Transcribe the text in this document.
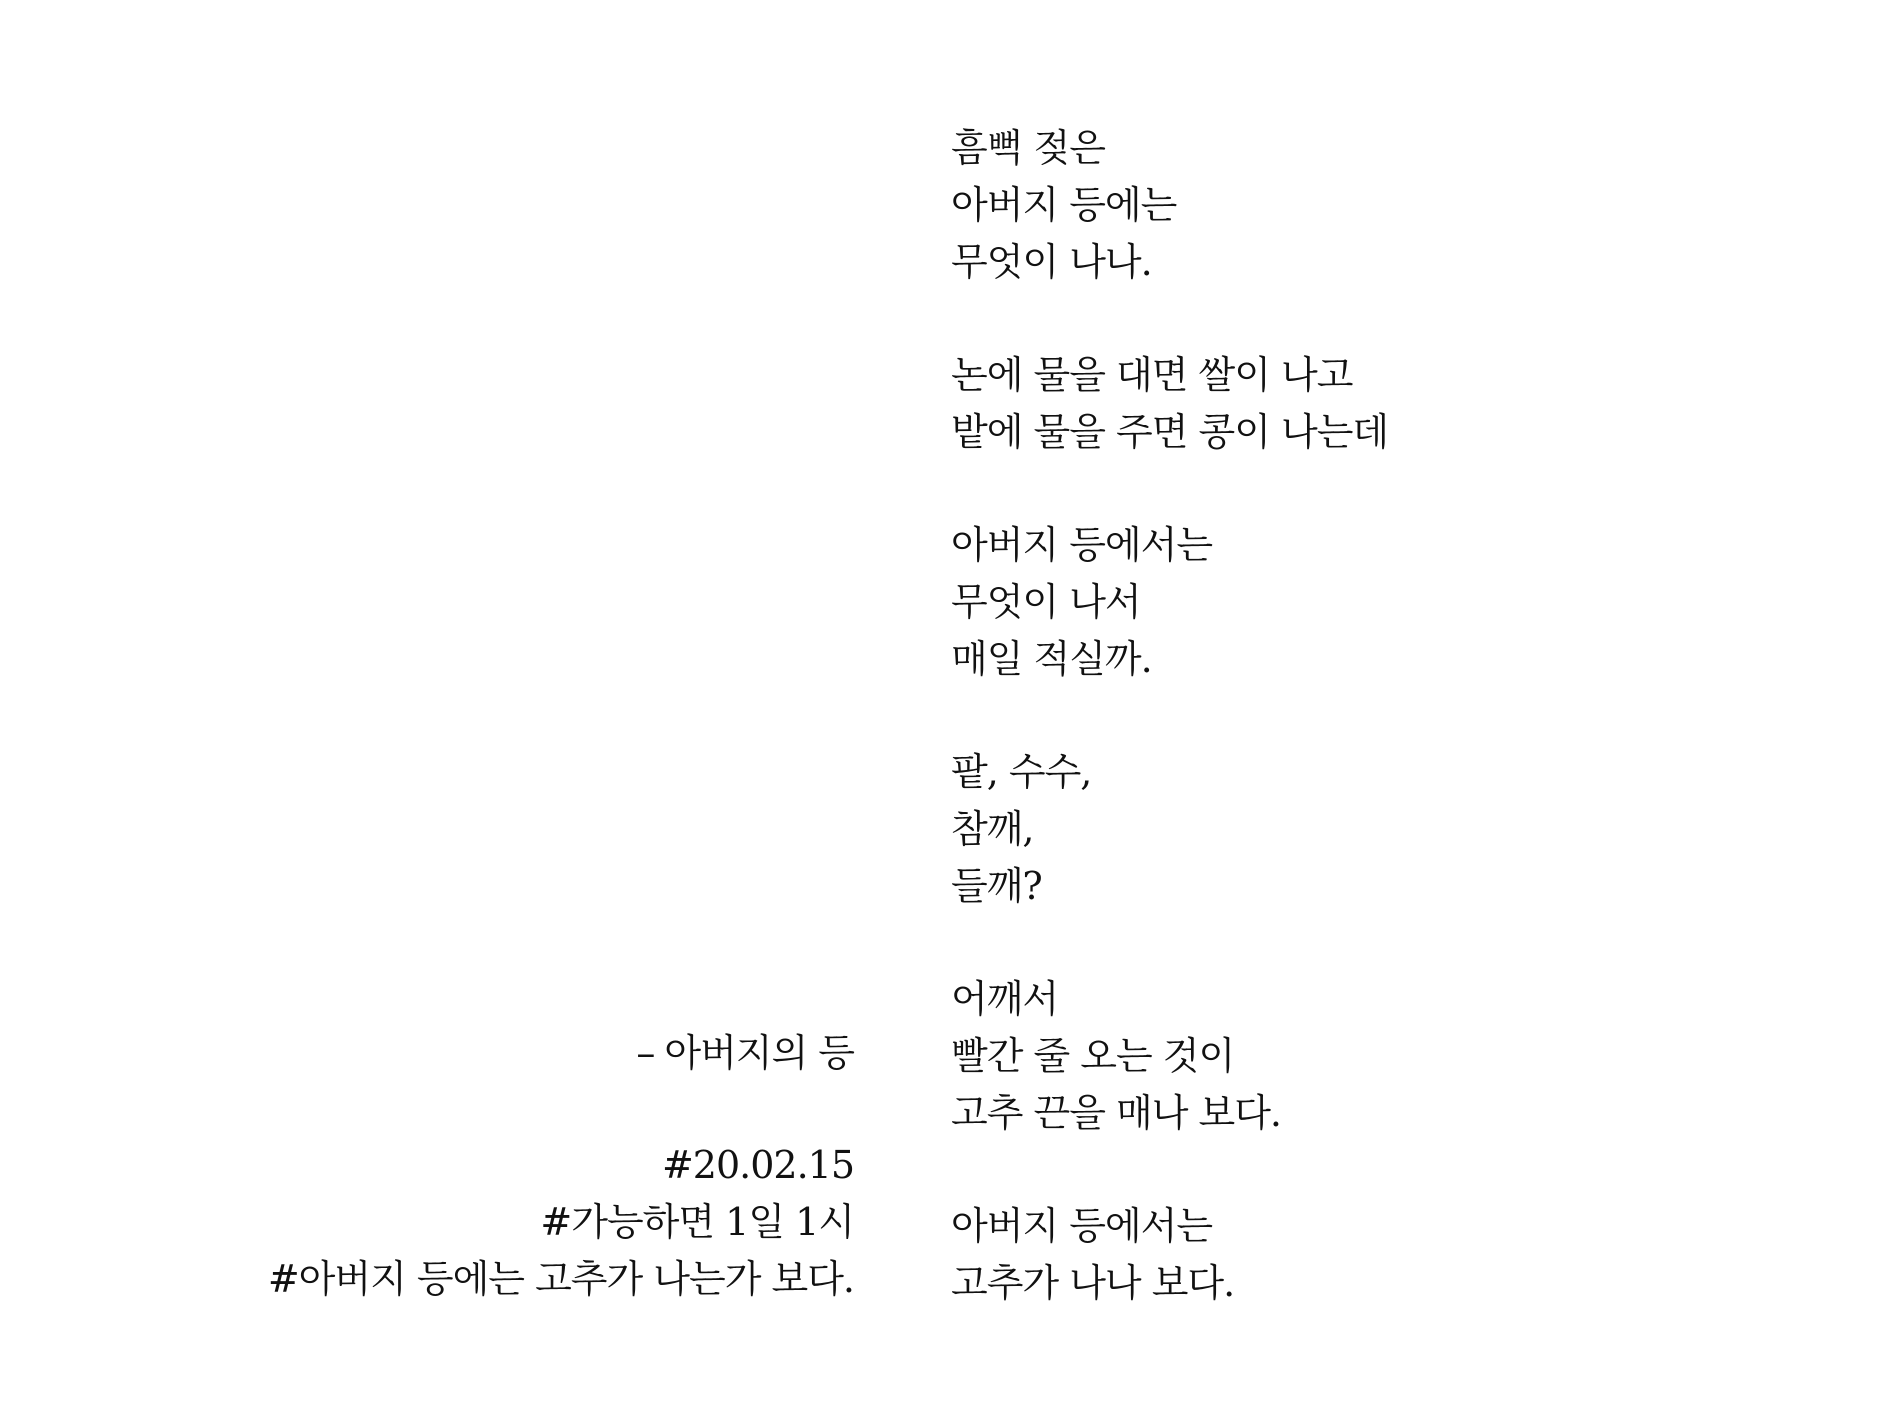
흠뻑 젖은
아버지 등에는
무엇이 나나.
논에 물을 대면 쌀이 나고
밭에 물을 주면 콩이 나는데
아버지 등에서는
무엇이 나서
매일 적실까.
팥, 수수,
참깨,
들깨?
어깨서
빨간 줄 오는 것이
고추 끈을 매나 보다.
아버지 등에서는
고추가 나나 보다.
– 아버지의 등
#20.02.15
#가능하면 1일 1시
#아버지 등에는 고추가 나는가 보다.
